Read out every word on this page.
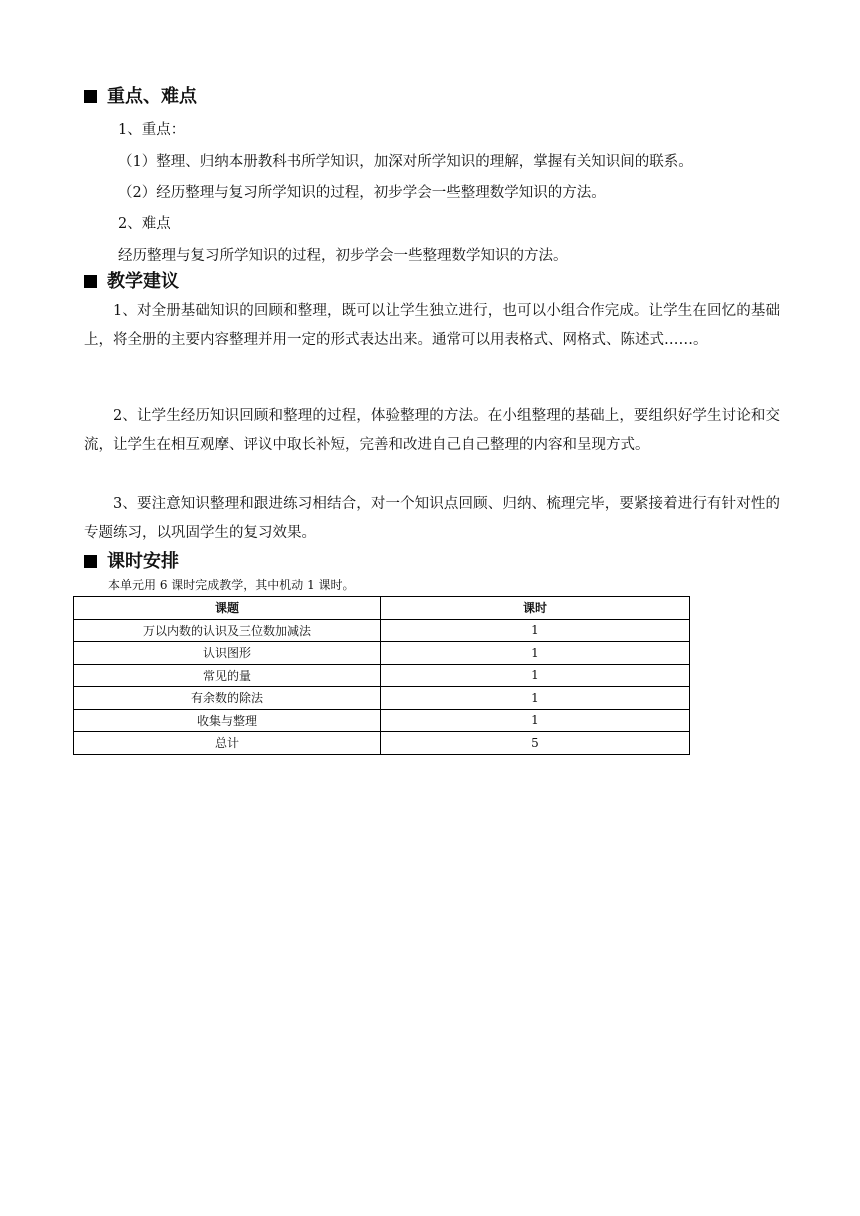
重点、难点
1、重点：
（1）整理、归纳本册教科书所学知识，加深对所学知识的理解，掌握有关知识间的联系。
（2）经历整理与复习所学知识的过程，初步学会一些整理数学知识的方法。
2、难点
经历整理与复习所学知识的过程，初步学会一些整理数学知识的方法。
教学建议
1、对全册基础知识的回顾和整理，既可以让学生独立进行，也可以小组合作完成。让学生在回忆的基础上，将全册的主要内容整理并用一定的形式表达出来。通常可以用表格式、网格式、陈述式……。
2、让学生经历知识回顾和整理的过程，体验整理的方法。在小组整理的基础上，要组织好学生讨论和交流，让学生在相互观摩、评议中取长补短，完善和改进自己自己整理的内容和呈现方式。
3、要注意知识整理和跟进练习相结合，对一个知识点回顾、归纳、梳理完毕，要紧接着进行有针对性的专题练习，以巩固学生的复习效果。
课时安排
本单元用 6 课时完成教学，其中机动 1 课时。
课题	课时
万以内数的认识及三位数加减法	1
认识图形	1
常见的量	1
有余数的除法	1
收集与整理	1
总计	5
